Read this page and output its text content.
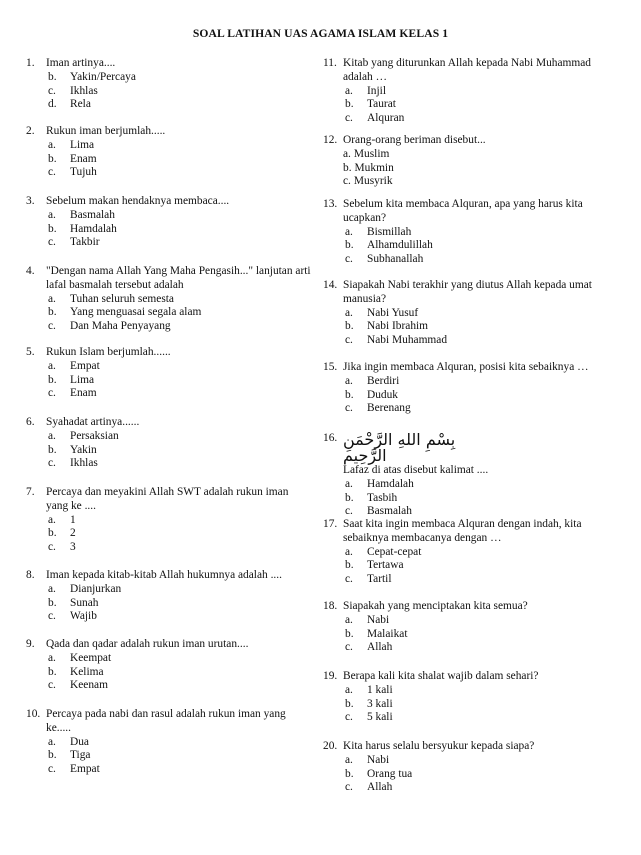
SOAL LATIHAN UAS AGAMA ISLAM KELAS 1
1.	Iman artinya....
b.	Yakin/Percaya
c.	Ikhlas
d.	Rela
2.	Rukun iman berjumlah.....
a.	Lima
b.	Enam
c.	Tujuh
3.	Sebelum makan hendaknya membaca....
a.	Basmalah
b.	Hamdalah
c.	Takbir
4.	"Dengan nama Allah Yang Maha Pengasih..." lanjutan arti lafal basmalah tersebut adalah
a.	Tuhan seluruh semesta
b.	Yang menguasai segala alam
c.	Dan Maha Penyayang
5.	Rukun Islam berjumlah......
a.	Empat
b.	Lima
c.	Enam
6.	Syahadat artinya......
a.	Persaksian
b.	Yakin
c.	Ikhlas
7.	Percaya dan meyakini Allah SWT adalah rukun iman yang ke ....
a.	1
b.	2
c.	3
8.	Iman kepada kitab-kitab Allah hukumnya adalah ....
a.	Dianjurkan
b.	Sunah
c.	Wajib
9.	Qada dan qadar adalah rukun iman urutan....
a.	Keempat
b.	Kelima
c.	Keenam
10. Percaya pada nabi dan rasul adalah rukun iman yang ke.....
a.	Dua
b.	Tiga
c.	Empat
11. Kitab yang diturunkan Allah kepada Nabi Muhammad adalah …
a.	Injil
b.	Taurat
c.	Alquran
12. Orang-orang beriman disebut...
a. Muslim
b. Mukmin
c. Musyrik
13. Sebelum kita membaca Alquran, apa yang harus kita ucapkan?
a.	Bismillah
b.	Alhamdulillah
c.	Subhanallah
14. Siapakah Nabi terakhir yang diutus Allah kepada umat manusia?
a.	Nabi Yusuf
b.	Nabi Ibrahim
c.	Nabi Muhammad
15. Jika ingin membaca Alquran, posisi kita sebaiknya …
a.	Berdiri
b.	Duduk
c.	Berenang
16. بِسْمِ اللهِ الرَّحْمَنِ الرَّحِيم
Lafaz di atas disebut kalimat ....
a.	Hamdalah
b.	Tasbih
c.	Basmalah
17. Saat kita ingin membaca Alquran dengan indah, kita sebaiknya membacanya dengan …
a.	Cepat-cepat
b.	Tertawa
c.	Tartil
18. Siapakah yang menciptakan kita semua?
a.	Nabi
b.	Malaikat
c.	Allah
19. Berapa kali kita shalat wajib dalam sehari?
a.	1 kali
b.	3 kali
c.	5 kali
20. Kita harus selalu bersyukur kepada siapa?
a.	Nabi
b.	Orang tua
c.	Allah
